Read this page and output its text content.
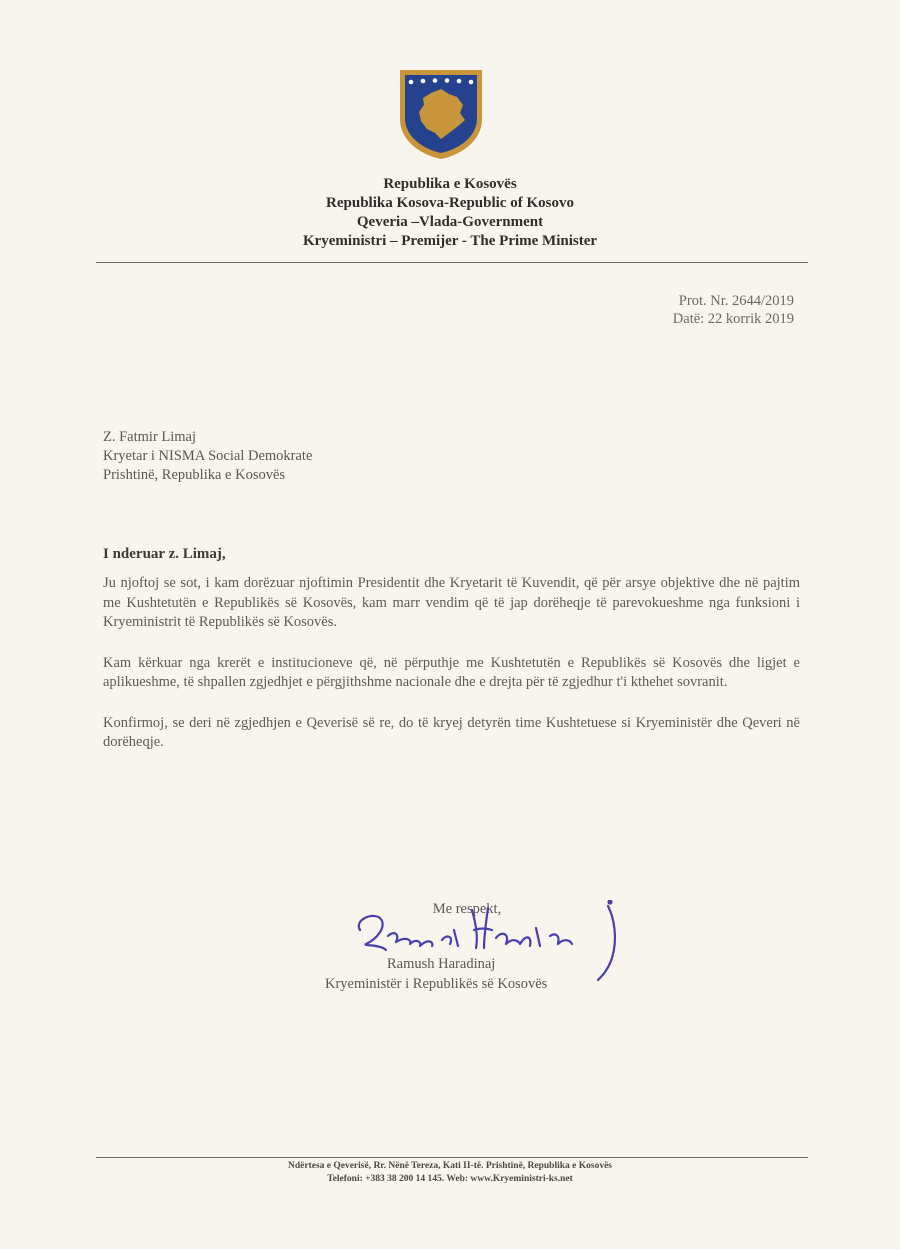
Republika e Kosovës
Republika Kosova-Republic of Kosovo
Qeveria –Vlada-Government
Kryeministri – Premijer - The Prime Minister
Prot. Nr. 2644/2019
Datë: 22 korrik 2019
Z. Fatmir Limaj
Kryetar i NISMA Social Demokrate
Prishtinë, Republika e Kosovës
I nderuar z. Limaj,

Ju njoftoj se sot, i kam dorëzuar njoftimin Presidentit dhe Kryetarit të Kuvendit, që për arsye objektive dhe në pajtim me Kushtetutën e Republikës së Kosovës, kam marr vendim që të jap dorëheqje të parevokueshme nga funksioni i Kryeministrit të Republikës së Kosovës.

Kam kërkuar nga krerët e institucioneve që, në përputhje me Kushtetutën e Republikës së Kosovës dhe ligjet e aplikueshme, të shpallen zgjedhjet e përgjithshme nacionale dhe e drejta për të zgjedhur t'i kthehet sovranit.

Konfirmoj, se deri në zgjedhjen e Qeverisë së re, do të kryej detyrën time Kushtetuese si Kryeministër dhe Qeveri në dorëheqje.

Me respekt,
Ramush Haradinaj
Kryeministër i Republikës së Kosovës
Ndërtesa e Qeverisë, Rr. Nënë Tereza, Kati II-të. Prishtinë, Republika e Kosovës
Telefoni: +383 38 200 14 145. Web: www.Kryeministri-ks.net
